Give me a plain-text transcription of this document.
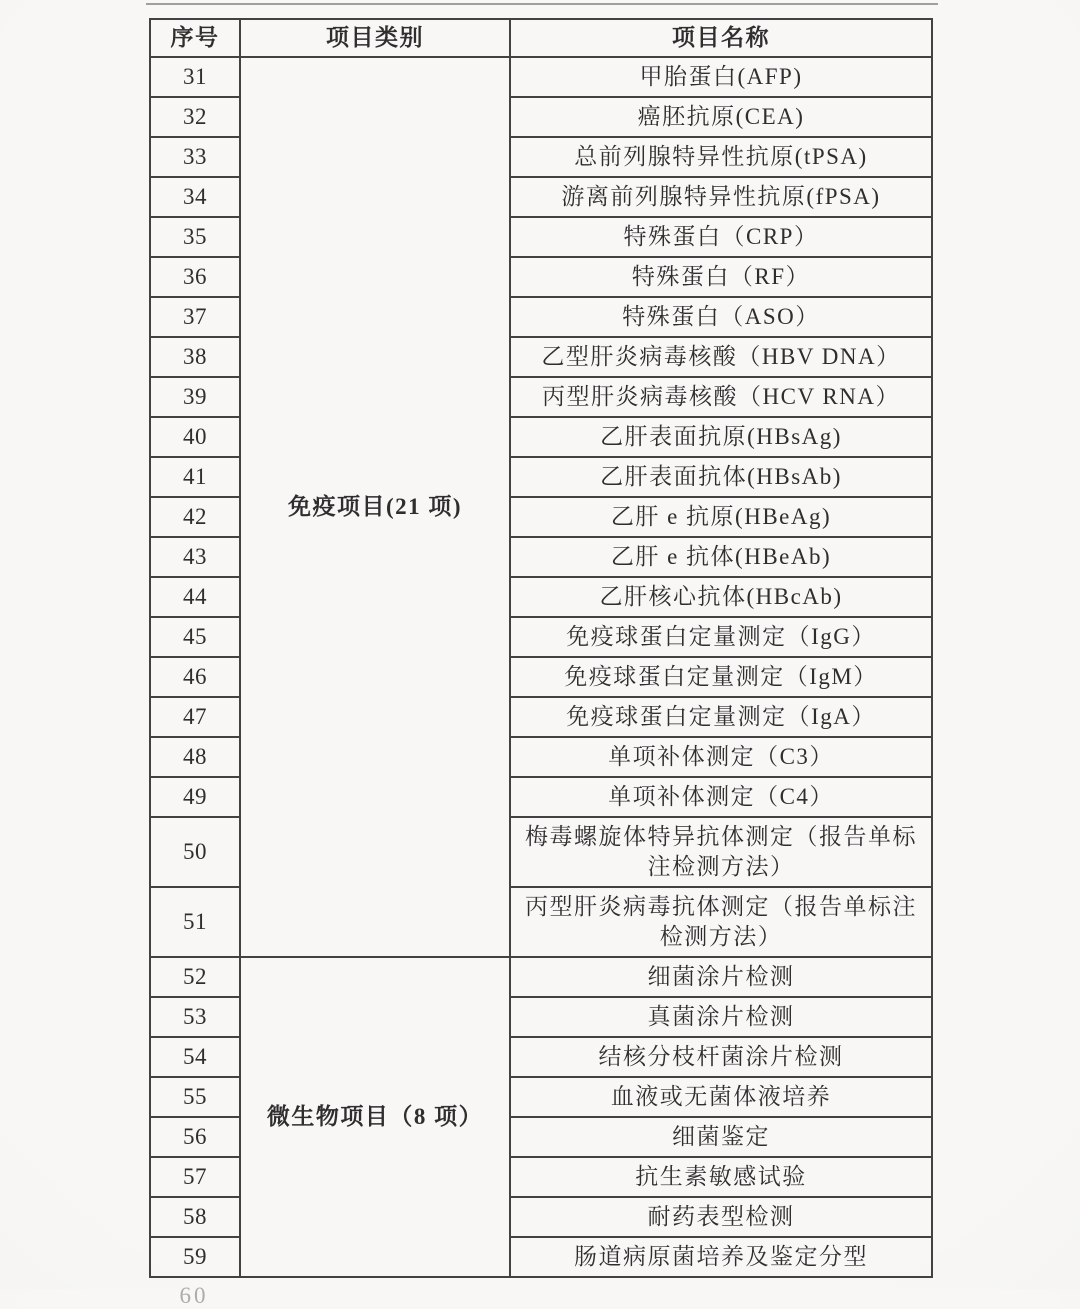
序号	项目类别	项目名称
31	免疫项目(21 项)	甲胎蛋白(AFP)
32		癌胚抗原(CEA)
33		总前列腺特异性抗原(tPSA)
34		游离前列腺特异性抗原(fPSA)
35		特殊蛋白（CRP）
36		特殊蛋白（RF）
37		特殊蛋白（ASO）
38		乙型肝炎病毒核酸（HBV DNA）
39		丙型肝炎病毒核酸（HCV RNA）
40		乙肝表面抗原(HBsAg)
41		乙肝表面抗体(HBsAb)
42		乙肝 e 抗原(HBeAg)
43		乙肝 e 抗体(HBeAb)
44		乙肝核心抗体(HBcAb)
45		免疫球蛋白定量测定（IgG）
46		免疫球蛋白定量测定（IgM）
47		免疫球蛋白定量测定（IgA）
48		单项补体测定（C3）
49		单项补体测定（C4）
50		梅毒螺旋体特异抗体测定（报告单标注检测方法）
51		丙型肝炎病毒抗体测定（报告单标注检测方法）
52	微生物项目（8 项）	细菌涂片检测
53		真菌涂片检测
54		结核分枝杆菌涂片检测
55		血液或无菌体液培养
56		细菌鉴定
57		抗生素敏感试验
58		耐药表型检测
59		肠道病原菌培养及鉴定分型
60
